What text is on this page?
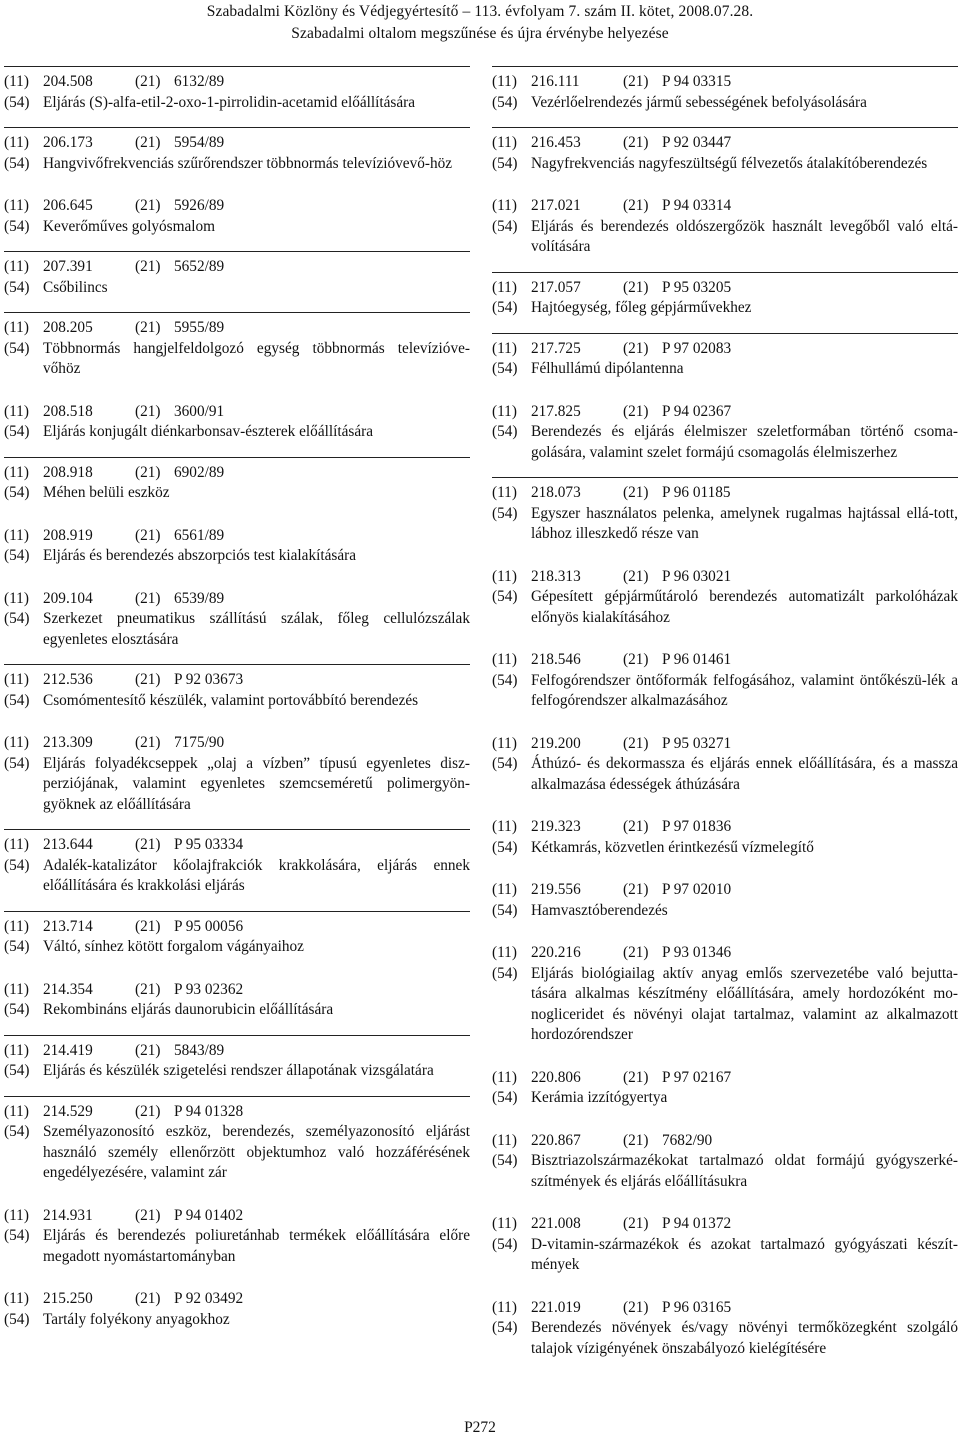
Szabadalmi Közlöny és Védjegyértesítő – 113. évfolyam 7. szám II. kötet, 2008.07.28.
Szabadalmi oltalom megszűnése és újra érvénybe helyezése
(11) 204.508	(21) 6132/89
(54) Eljárás (S)-alfa-etil-2-oxo-1-pirrolidin-acetamid előállítására
(11) 206.173	(21) 5954/89
(54) Hangvivőfrekvenciás szűrőrendszer többnormás televízióvevő-höz
(11) 206.645	(21) 5926/89
(54) Keverőműves golyósmalom
(11) 207.391	(21) 5652/89
(54) Csőbilincs
(11) 208.205	(21) 5955/89
(54) Többnormás hangjelfeldolgozó egység többnormás televízióve-vőhöz
(11) 208.518	(21) 3600/91
(54) Eljárás konjugált diénkarbonsav-észterek előállítására
(11) 208.918	(21) 6902/89
(54) Méhen belüli eszköz
(11) 208.919	(21) 6561/89
(54) Eljárás és berendezés abszorpciós test kialakítására
(11) 209.104	(21) 6539/89
(54) Szerkezet pneumatikus szállítású szálak, főleg cellulózszálak egyenletes elosztására
(11) 212.536	(21) P 92 03673
(54) Csomómentesítő készülék, valamint portovábbító berendezés
(11) 213.309	(21) 7175/90
(54) Eljárás folyadékcseppek „olaj a vízben” típusú egyenletes disz-perziójának, valamint egyenletes szemcseméretű polimergyön-gyöknek az előállítására
(11) 213.644	(21) P 95 03334
(54) Adalék-katalizátor kőolajfrakciók krakkolására, eljárás ennek előállítására és krakkolási eljárás
(11) 213.714	(21) P 95 00056
(54) Váltó, sínhez kötött forgalom vágányaihoz
(11) 214.354	(21) P 93 02362
(54) Rekombináns eljárás daunorubicin előállítására
(11) 214.419	(21) 5843/89
(54) Eljárás és készülék szigetelési rendszer állapotának vizsgálatára
(11) 214.529	(21) P 94 01328
(54) Személyazonosító eszköz, berendezés, személyazonosító eljárást használó személy ellenőrzött objektumhoz való hozzáférésének engedélyezésére, valamint zár
(11) 214.931	(21) P 94 01402
(54) Eljárás és berendezés poliuretánhab termékek előállítására előre megadott nyomástartományban
(11) 215.250	(21) P 92 03492
(54) Tartály folyékony anyagokhoz
(11) 216.111	(21) P 94 03315
(54) Vezérlőelrendezés jármű sebességének befolyásolására
(11) 216.453	(21) P 92 03447
(54) Nagyfrekvenciás nagyfeszültségű félvezetős átalakítóberendezés
(11) 217.021	(21) P 94 03314
(54) Eljárás és berendezés oldószergőzök használt levegőből való eltá-volítására
(11) 217.057	(21) P 95 03205
(54) Hajtóegység, főleg gépjárművekhez
(11) 217.725	(21) P 97 02083
(54) Félhullámú dipólantenna
(11) 217.825	(21) P 94 02367
(54) Berendezés és eljárás élelmiszer szeletformában történő csoma-golására, valamint szelet formájú csomagolás élelmiszerhez
(11) 218.073	(21) P 96 01185
(54) Egyszer használatos pelenka, amelynek rugalmas hajtással ellá-tott, lábhoz illeszkedő része van
(11) 218.313	(21) P 96 03021
(54) Gépesített gépjárműtároló berendezés automatizált parkolóházak előnyös kialakításához
(11) 218.546	(21) P 96 01461
(54) Felfogórendszer öntőformák felfogásához, valamint öntőkészü-lék a felfogórendszer alkalmazásához
(11) 219.200	(21) P 95 03271
(54) Áthúzó- és dekormassza és eljárás ennek előállítására, és a massza alkalmazása édességek áthúzására
(11) 219.323	(21) P 97 01836
(54) Kétkamrás, közvetlen érintkezésű vízmelegítő
(11) 219.556	(21) P 97 02010
(54) Hamvasztóberendezés
(11) 220.216	(21) P 93 01346
(54) Eljárás biológiailag aktív anyag emlős szervezetébe való bejutta-tására alkalmas készítmény előállítására, amely hordozóként mo-nogliceridet és növényi olajat tartalmaz, valamint az alkalmazott hordozórendszer
(11) 220.806	(21) P 97 02167
(54) Kerámia izzítógyertya
(11) 220.867	(21) 7682/90
(54) Bisztriazolszármazékokat tartalmazó oldat formájú gyógyszerké-szítmények és eljárás előállításukra
(11) 221.008	(21) P 94 01372
(54) D-vitamin-származékok és azokat tartalmazó gyógyászati készít-mények
(11) 221.019	(21) P 96 03165
(54) Berendezés növények és/vagy növényi termőközegként szolgáló talajok vízigényének önszabályozó kielégítésére
P272
